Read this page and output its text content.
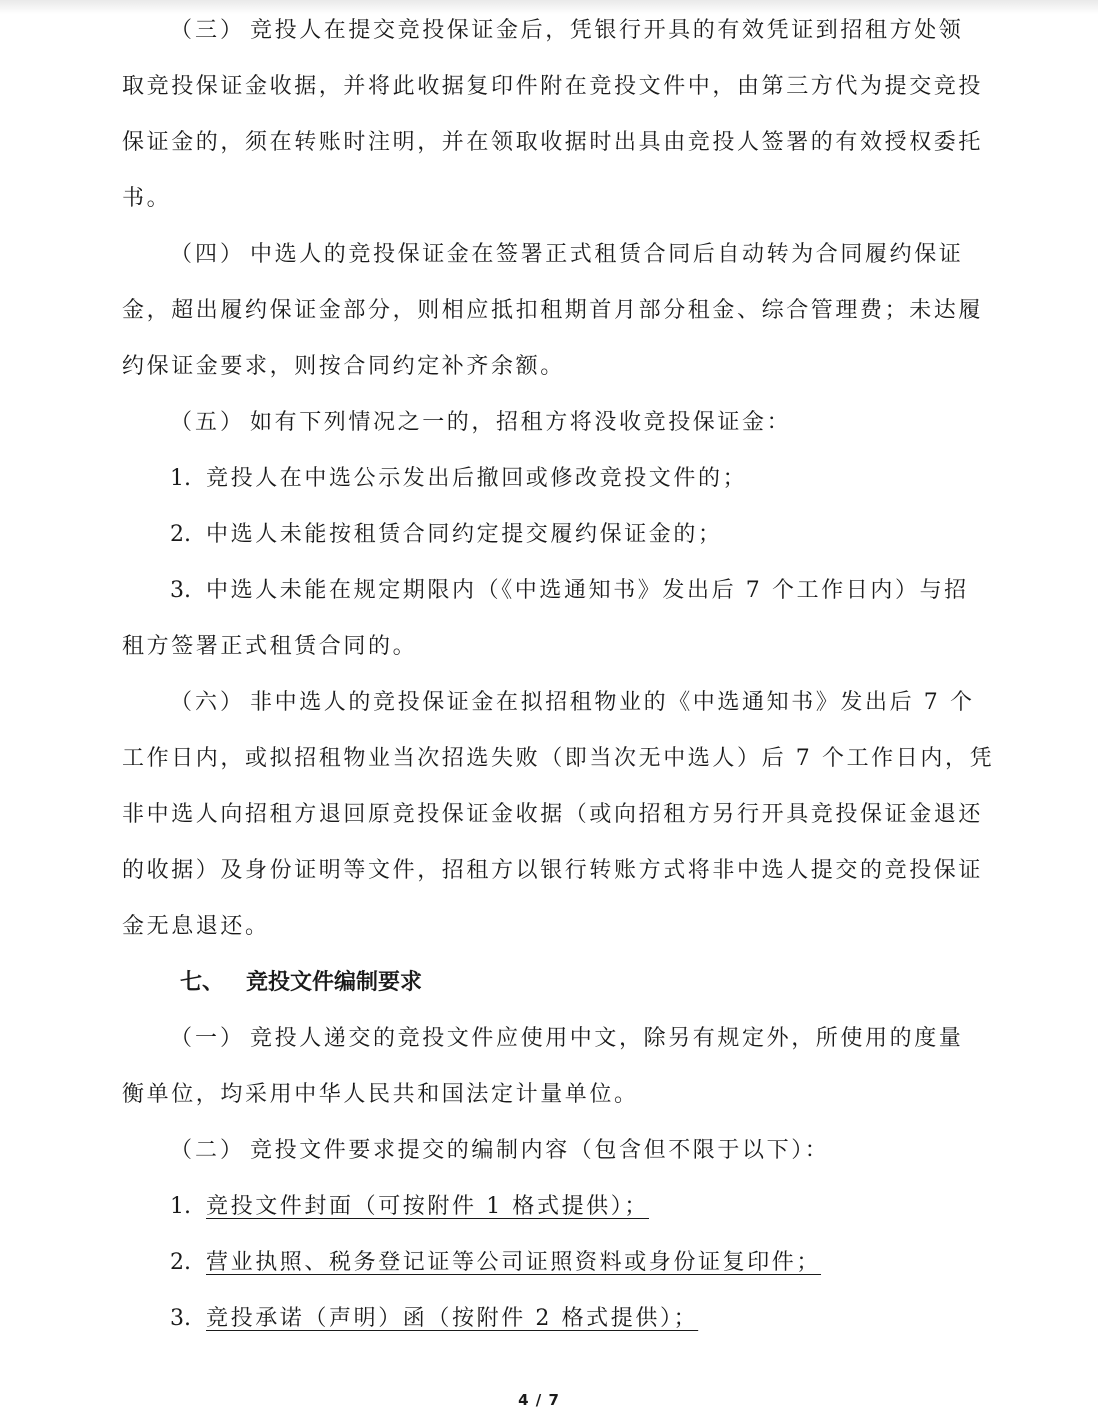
（三） 竞投人在提交竞投保证金后，凭银行开具的有效凭证到招租方处领
取竞投保证金收据，并将此收据复印件附在竞投文件中，由第三方代为提交竞投
保证金的，须在转账时注明，并在领取收据时出具由竞投人签署的有效授权委托
书。
（四） 中选人的竞投保证金在签署正式租赁合同后自动转为合同履约保证
金，超出履约保证金部分，则相应抵扣租期首月部分租金、综合管理费；未达履
约保证金要求，则按合同约定补齐余额。
（五） 如有下列情况之一的，招租方将没收竞投保证金：
1. 竞投人在中选公示发出后撤回或修改竞投文件的；
2. 中选人未能按租赁合同约定提交履约保证金的；
3. 中选人未能在规定期限内（《中选通知书》发出后 7 个工作日内）与招
租方签署正式租赁合同的。
（六） 非中选人的竞投保证金在拟招租物业的《中选通知书》发出后 7 个
工作日内，或拟招租物业当次招选失败（即当次无中选人）后 7 个工作日内，凭
非中选人向招租方退回原竞投保证金收据（或向招租方另行开具竞投保证金退还
的收据）及身份证明等文件，招租方以银行转账方式将非中选人提交的竞投保证
金无息退还。
七、 竞投文件编制要求
（一） 竞投人递交的竞投文件应使用中文，除另有规定外，所使用的度量
衡单位，均采用中华人民共和国法定计量单位。
（二） 竞投文件要求提交的编制内容（包含但不限于以下）：
1. 竞投文件封面（可按附件 1 格式提供）；
2. 营业执照、税务登记证等公司证照资料或身份证复印件；
3. 竞投承诺（声明）函（按附件 2 格式提供）；
4 / 7
